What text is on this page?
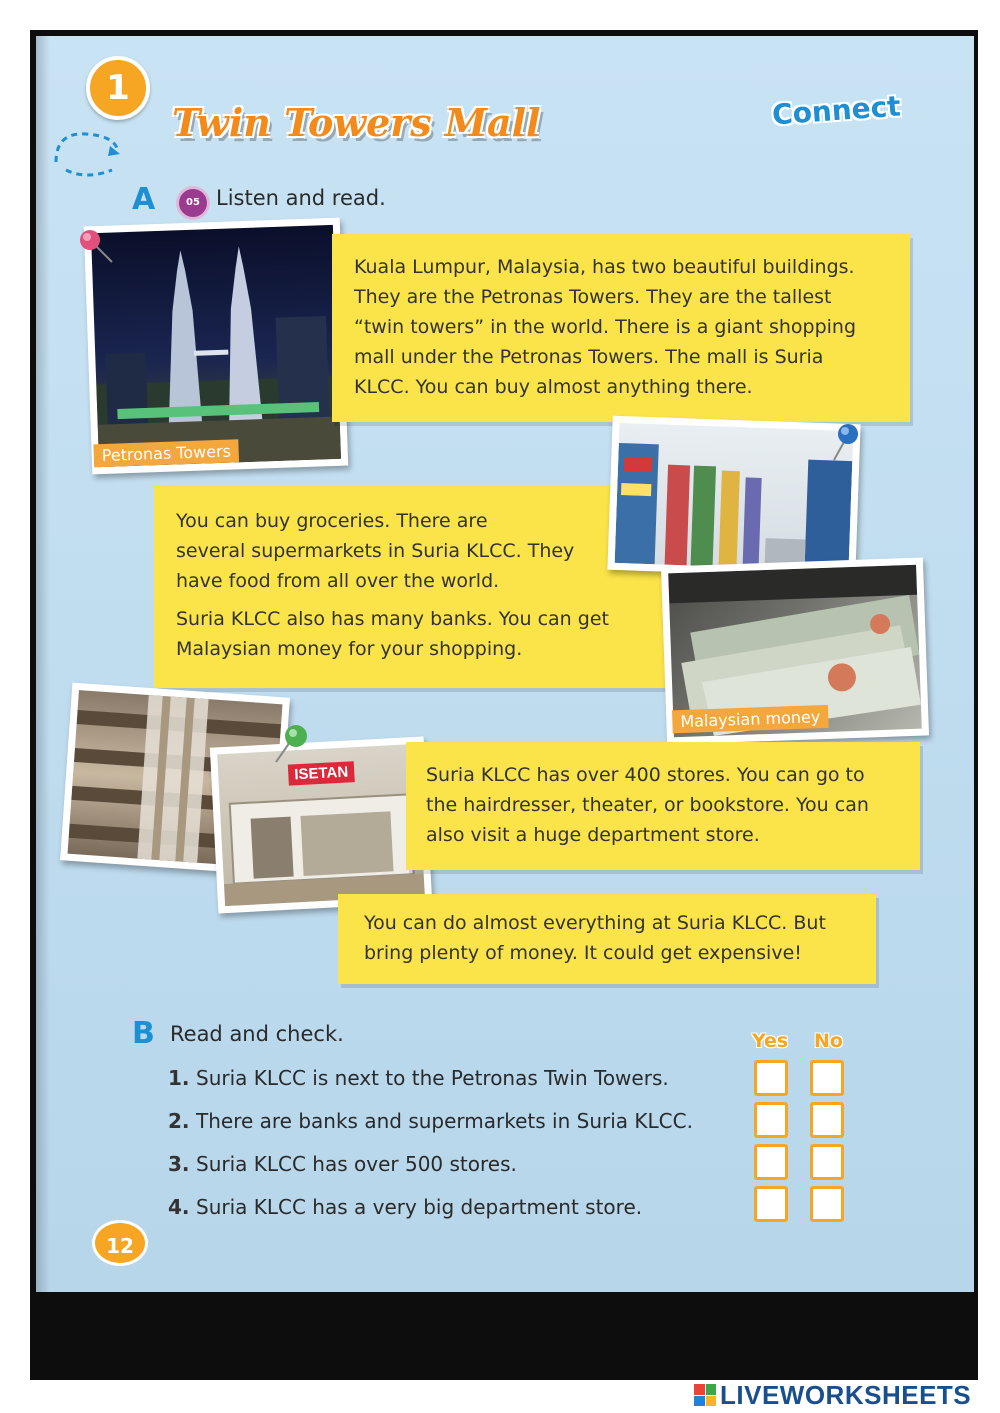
1
Twin Towers Mall	Connect
A	05 Listen and read.
Petronas Towers
Kuala Lumpur, Malaysia, has two beautiful buildings.
They are the Petronas Towers. They are the tallest
“twin towers” in the world. There is a giant shopping
mall under the Petronas Towers. The mall is Suria
KLCC. You can buy almost anything there.
You can buy groceries. There are
several supermarkets in Suria KLCC. They
have food from all over the world.
Suria KLCC also has many banks. You can get
Malaysian money for your shopping.
Malaysian money
ISETAN	Suria KLCC has over 400 stores. You can go to
the hairdresser, theater, or bookstore. You can
also visit a huge department store.
You can do almost everything at Suria KLCC. But
bring plenty of money. It could get expensive!
B Read and check.	Yes No
1. Suria KLCC is next to the Petronas Twin Towers.
2. There are banks and supermarkets in Suria KLCC.
3. Suria KLCC has over 500 stores.
4. Suria KLCC has a very big department store.
12
LIVEWORKSHEETS
